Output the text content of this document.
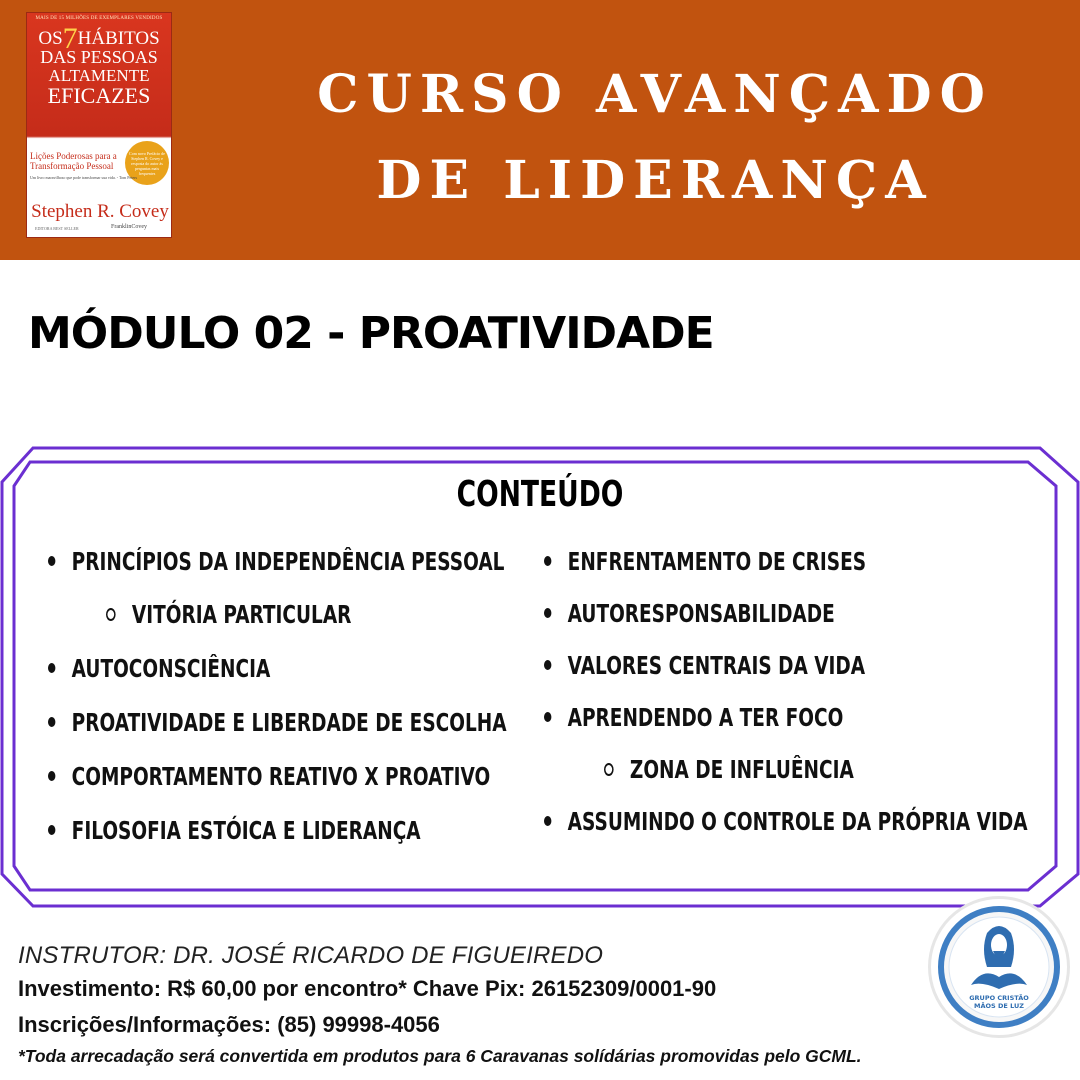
MAIS DE 15 MILHÕES DE EXEMPLARES VENDIDOS
OS7HÁBITOS
DAS PESSOAS
ALTAMENTE
EFICAZES
Lições Poderosas para a Transformação Pessoal
Com novo Prefácio de Stephen R. Covey e resposta do autor às perguntas mais frequentes
Um livro maravilhoso que pode transformar sua vida. - Tom Peters
Stephen R. Covey
EDITORA BEST SELLER	FranklinCovey
CURSO AVANÇADO
DE LIDERANÇA
MÓDULO 02 - PROATIVIDADE
CONTEÚDO
PRINCÍPIOS DA INDEPENDÊNCIA PESSOAL
VITÓRIA PARTICULAR
AUTOCONSCIÊNCIA
PROATIVIDADE E LIBERDADE DE ESCOLHA
COMPORTAMENTO REATIVO X PROATIVO
FILOSOFIA ESTÓICA E LIDERANÇA
ENFRENTAMENTO DE CRISES
AUTORESPONSABILIDADE
VALORES CENTRAIS DA VIDA
APRENDENDO A TER FOCO
ZONA DE INFLUÊNCIA
ASSUMINDO O CONTROLE DA PRÓPRIA VIDA
INSTRUTOR: DR. JOSÉ RICARDO DE FIGUEIREDO
Investimento: R$ 60,00 por encontro* Chave Pix: 26152309/0001-90
Inscrições/Informações: (85) 99998-4056
*Toda arrecadação será convertida em produtos para 6 Caravanas solídárias promovidas pelo GCML.
GRUPO CRISTÃO
MÃOS DE LUZ
